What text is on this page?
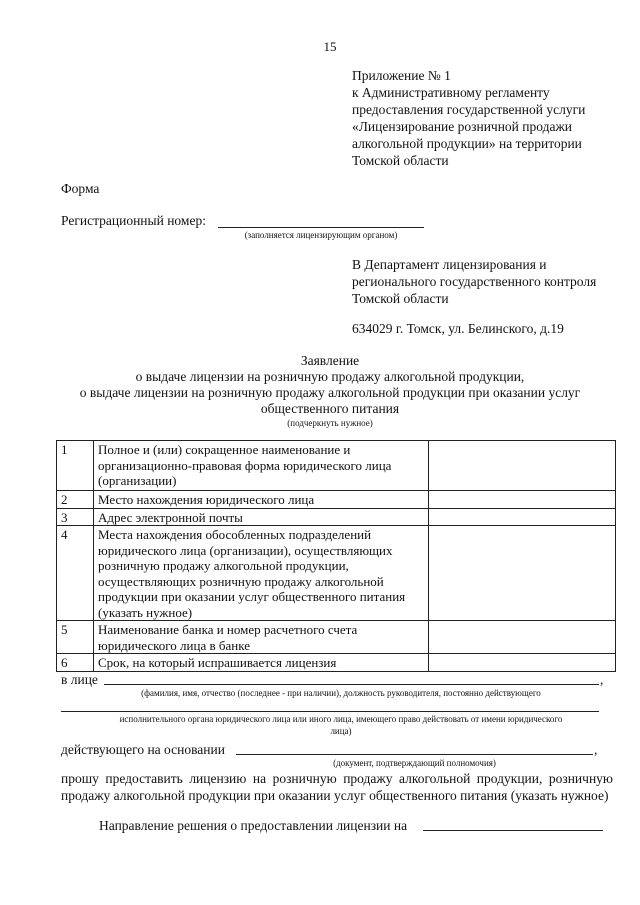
15
Приложение № 1
к Административному регламенту
предоставления государственной услуги
«Лицензирование розничной продажи
алкогольной продукции» на территории
Томской области
Форма
Регистрационный номер:
(заполняется лицензирующим органом)
В Департамент лицензирования и
регионального государственного контроля
Томской области
634029 г. Томск, ул. Белинского, д.19
Заявление
о выдаче лицензии на розничную продажу алкогольной продукции,
о выдаче лицензии на розничную продажу алкогольной продукции при оказании услуг
общественного питания
(подчеркнуть нужное)
1	Полное и (или) сокращенное наименование и организационно-правовая форма юридического лица (организации)	
2	Место нахождения юридического лица	
3	Адрес электронной почты	
4	Места нахождения обособленных подразделений юридического лица (организации), осуществляющих розничную продажу алкогольной продукции, осуществляющих розничную продажу алкогольной продукции при оказании услуг общественного питания (указать нужное)	
5	Наименование банка и номер расчетного счета юридического лица в банке	
6	Срок, на который испрашивается лицензия	
в лице	,
(фамилия, имя, отчество (последнее - при наличии), должность руководителя, постоянно действующего
исполнительного органа юридического лица или иного лица, имеющего право действовать от имени юридического
лица)
действующего на основании	,
(документ, подтверждающий полномочия)
прошу предоставить лицензию на розничную продажу алкогольной продукции, розничную продажу алкогольной продукции при оказании услуг общественного питания (указать нужное)
Направление решения о предоставлении лицензии на
